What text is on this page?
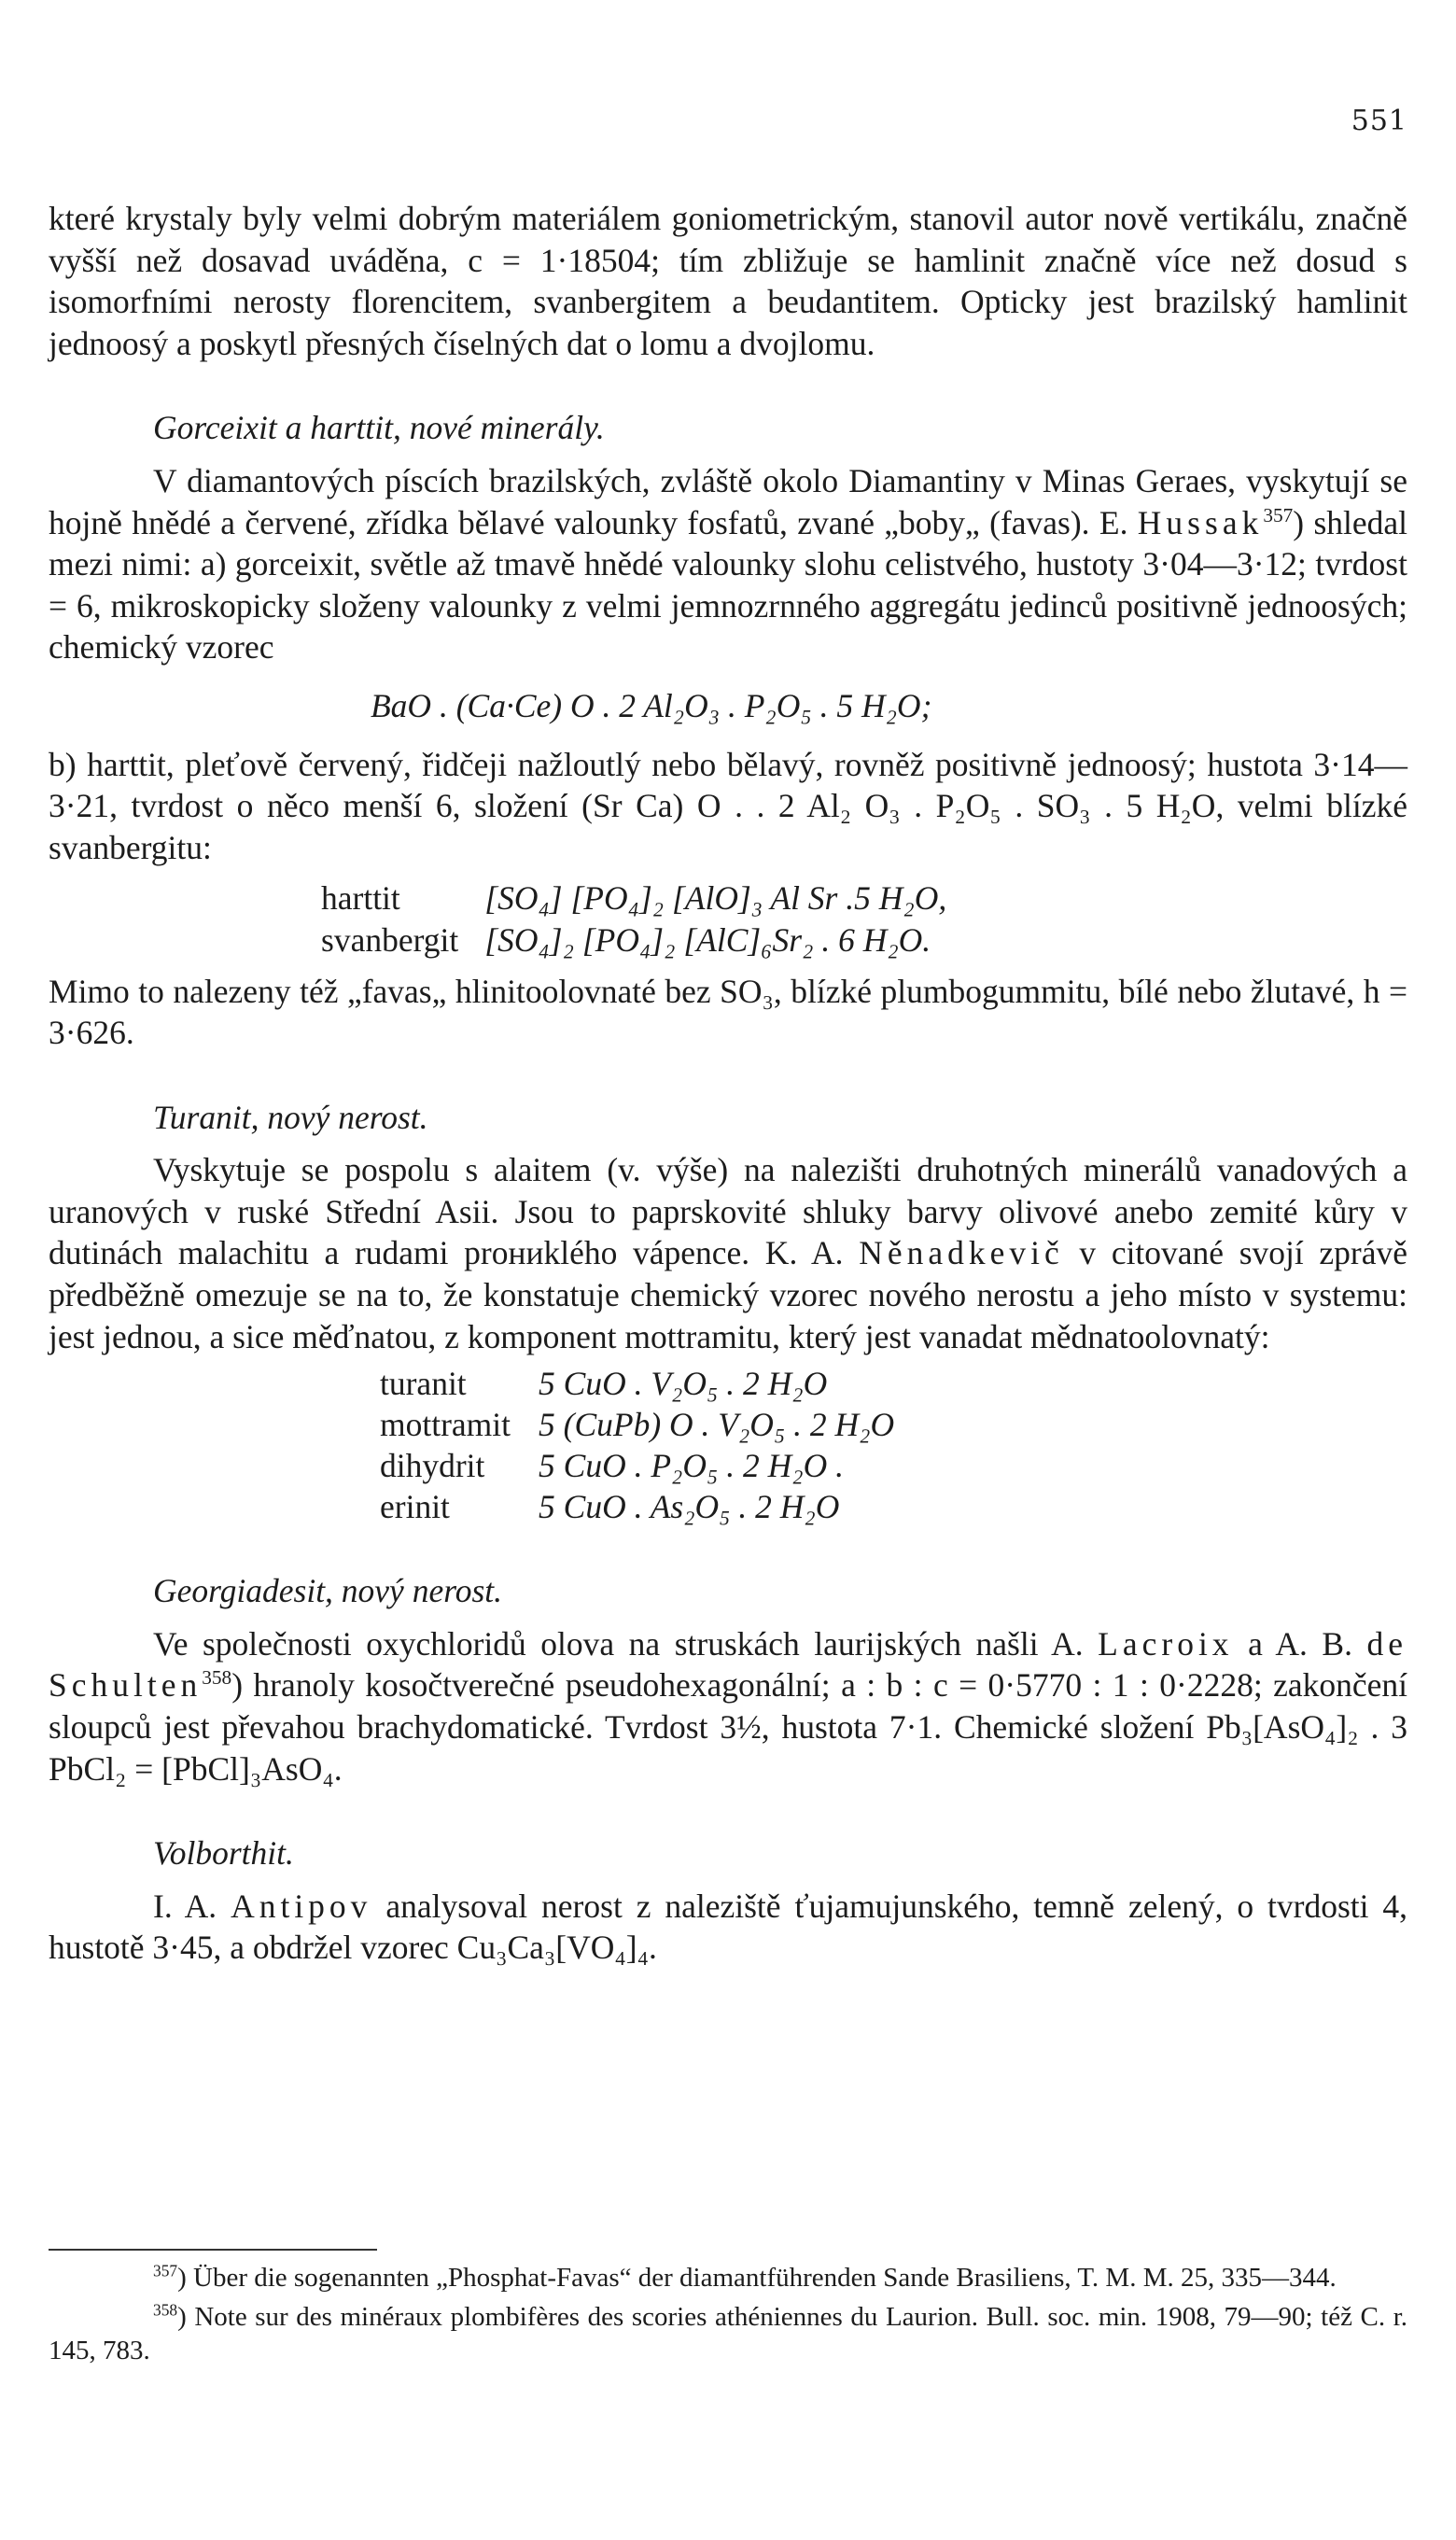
551

které krystaly byly velmi dobrým materiálem goniometrickým, stanovil autor nově vertikálu, značně vyšší než dosavad uváděna, c = 1·18504; tím zbližuje se hamlinit značně více než dosud s isomorfními nerosty florencitem, svanbergitem a beudantitem. Opticky jest brazilský hamlinit jednoosý a poskytl přesných číselných dat o lomu a dvojlomu.

Gorceixit a harttit, nové minerály.

V diamantových píscích brazilských, zvláště okolo Diamantiny v Minas Geraes, vyskytují se hojně hnědé a červené, zřídka bělavé valounky fosfatů, zvané „boby„ (favas). E. Hussak$^{357}$) shledal mezi nimi: a) gorceixit, světle až tmavě hnědé valounky slohu celistvého, hustoty 3·04—3·12; tvrdost = 6, mikroskopicky složeny valounky z velmi jemnozrnného aggregátu jedinců positivně jednoosých; chemický vzorec

BaO . (Ca·Ce) O . 2 Al₂O₃ . P₂O₅ . 5 H₂O;

b) harttit, pleťově červený, řidčeji nažloutlý nebo bělavý, rovněž positivně jednoosý; hustota 3·14—3·21, tvrdost o něco menší 6, složení (Sr Ca) O . . 2 Al₂ O₃ . P₂O₅ . SO₃ . 5 H₂O, velmi blízké svanbergitu:

harttit	[SO₄] [PO₄]₂ [AlO]₃ Al Sr .5 H₂O,
svanbergit	[SO₄]₂ [PO₄]₂ [AlC]₆Sr₂ . 6 H₂O.

Mimo to nalezeny též „favas„ hlinitoolovnaté bez SO₃, blízké plumbogummitu, bílé nebo žlutavé, h = 3·626.

Turanit, nový nerost.

Vyskytuje se pospolu s alaitem (v. výše) na nalezišti druhotných minerálů vanadových a uranových v ruské Střední Asii. Jsou to paprskovité shluky barvy olivové anebo zemité kůry v dutinách malachitu a rudami prониklého vápence. K. A. Něnadkevič v citované svojí zprávě předběžně omezuje se na to, že konstatuje chemický vzorec nového nerostu a jeho místo v systemu: jest jednou, a sice měďnatou, z komponent mottramitu, který jest vanadat mědnatoolovnatý:

turanit	5 CuO . V₂O₅ . 2 H₂O
mottramit	5 (CuPb) O . V₂O₅ . 2 H₂O
dihydrit	5 CuO . P₂O₅ . 2 H₂O .
erinit	5 CuO . As₂O₅ . 2 H₂O
Georgiadesit, nový nerost.

Ve společnosti oxychloridů olova na struskách laurijských našli A. Lacroix a A. B. de Schulten$^{358}$) hranoly kosočtverečné pseudohexagonální; a : b : c = 0·5770 : 1 : 0·2228; zakončení sloupců jest převahou brachydomatické. Tvrdost 3½, hustota 7·1. Chemické složení Pb₃[AsO₄]₂ . 3 PbCl₂ = [PbCl]₃AsO₄.

Volborthit.

I. A. Antipov analysoval nerost z naleziště ťujamujunského, temně zelený, o tvrdosti 4, hustotě 3·45, a obdržel vzorec Cu₃Ca₃[VO₄]₄.

$^{357}$) Über die sogenannten „Phosphat-Favas“ der diamantführenden Sande Brasiliens, T. M. M. 25, 335—344.

$^{358}$) Note sur des minéraux plombifères des scories athéniennes du Laurion. Bull. soc. min. 1908, 79—90; též C. r. 145, 783.
